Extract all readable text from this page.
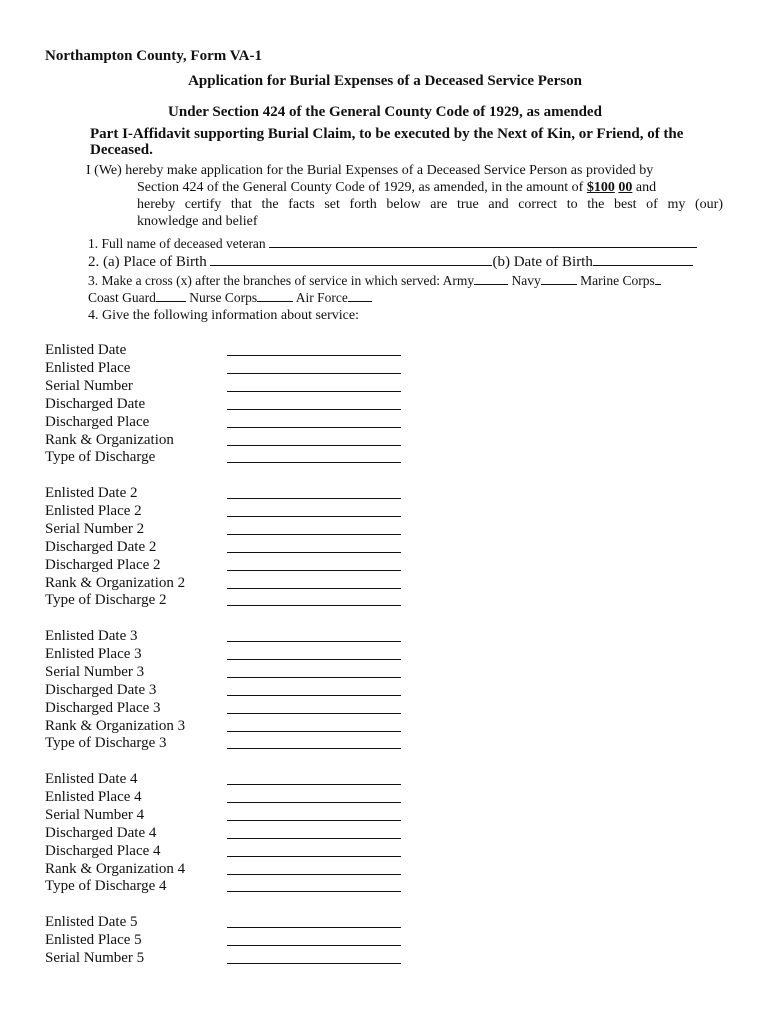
Northampton County, Form VA-1
Application for Burial Expenses of a Deceased Service Person
Under Section 424 of the General County Code of 1929, as amended
Part I-Affidavit supporting Burial Claim, to be executed by the Next of Kin, or Friend, of the
Deceased.
I (We) hereby make application for the Burial Expenses of a Deceased Service Person as provided by
Section 424 of the General County Code of 1929, as amended, in the amount of $100 00 and
hereby certify that the facts set forth below are true and correct to the best of my (our)
knowledge and belief
1. Full name of deceased veteran
2. (a) Place of Birth	(b) Date of Birth
3. Make a cross (x) after the branches of service in which served: Army	Navy	Marine Corps
Coast Guard Nurse Corps	Air Force
4. Give the following information about service:
Enlisted Date
Enlisted Place
Serial Number
Discharged Date
Discharged Place
Rank & Organization
Type of Discharge
Enlisted Date 2
Enlisted Place 2
Serial Number 2
Discharged Date 2
Discharged Place 2
Rank & Organization 2
Type of Discharge 2
Enlisted Date 3
Enlisted Place 3
Serial Number 3
Discharged Date 3
Discharged Place 3
Rank & Organization 3
Type of Discharge 3
Enlisted Date 4
Enlisted Place 4
Serial Number 4
Discharged Date 4
Discharged Place 4
Rank & Organization 4
Type of Discharge 4
Enlisted Date 5
Enlisted Place 5
Serial Number 5
